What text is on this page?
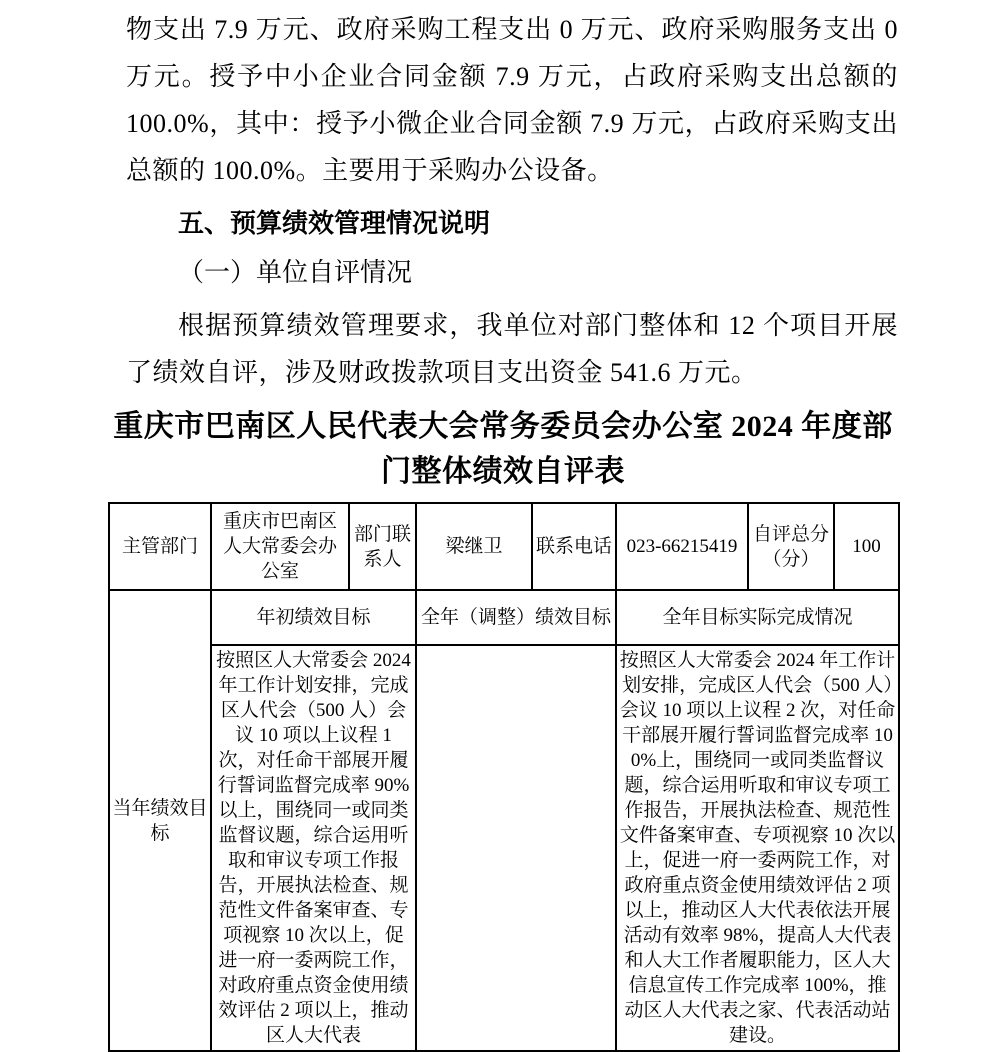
物支出 7.9 万元、政府采购工程支出 0 万元、政府采购服务支出 0 万元。授予中小企业合同金额 7.9 万元，占政府采购支出总额的 100.0%，其中：授予小微企业合同金额 7.9 万元，占政府采购支出总额的 100.0%。主要用于采购办公设备。

五、预算绩效管理情况说明

（一）单位自评情况

根据预算绩效管理要求，我单位对部门整体和 12 个项目开展了绩效自评，涉及财政拨款项目支出资金 541.6 万元。

重庆市巴南区人民代表大会常务委员会办公室 2024 年度部门整体绩效自评表

主管部门	重庆市巴南区人大常委会办公室	部门联系人	梁继卫	联系电话	023-66215419	自评总分（分）	100
当年绩效目标	年初绩效目标		全年（调整）绩效目标		全年目标实际完成情况		
	按照区人大常委会 2024 年工作计划安排，完成区人代会（500 人）会议 10 项以上议程 1 次，对任命干部展开履行誓词监督完成率 90%以上，围绕同一或同类监督议题，综合运用听取和审议专项工作报告，开展执法检查、规范性文件备案审查、专项视察 10 次以上，促进一府一委两院工作，对政府重点资金使用绩效评估 2 项以上，推动区人大代表				按照区人大常委会 2024 年工作计划安排，完成区人代会（500 人）会议 10 项以上议程 2 次，对任命干部展开履行誓词监督完成率 100%上，围绕同一或同类监督议题，综合运用听取和审议专项工作报告，开展执法检查、规范性文件备案审查、专项视察 10 次以上，促进一府一委两院工作，对政府重点资金使用绩效评估 2 项以上，推动区人大代表依法开展活动有效率 98%，提高人大代表和人大工作者履职能力，区人大信息宣传工作完成率 100%，推动区人大代表之家、代表活动站建设。		
